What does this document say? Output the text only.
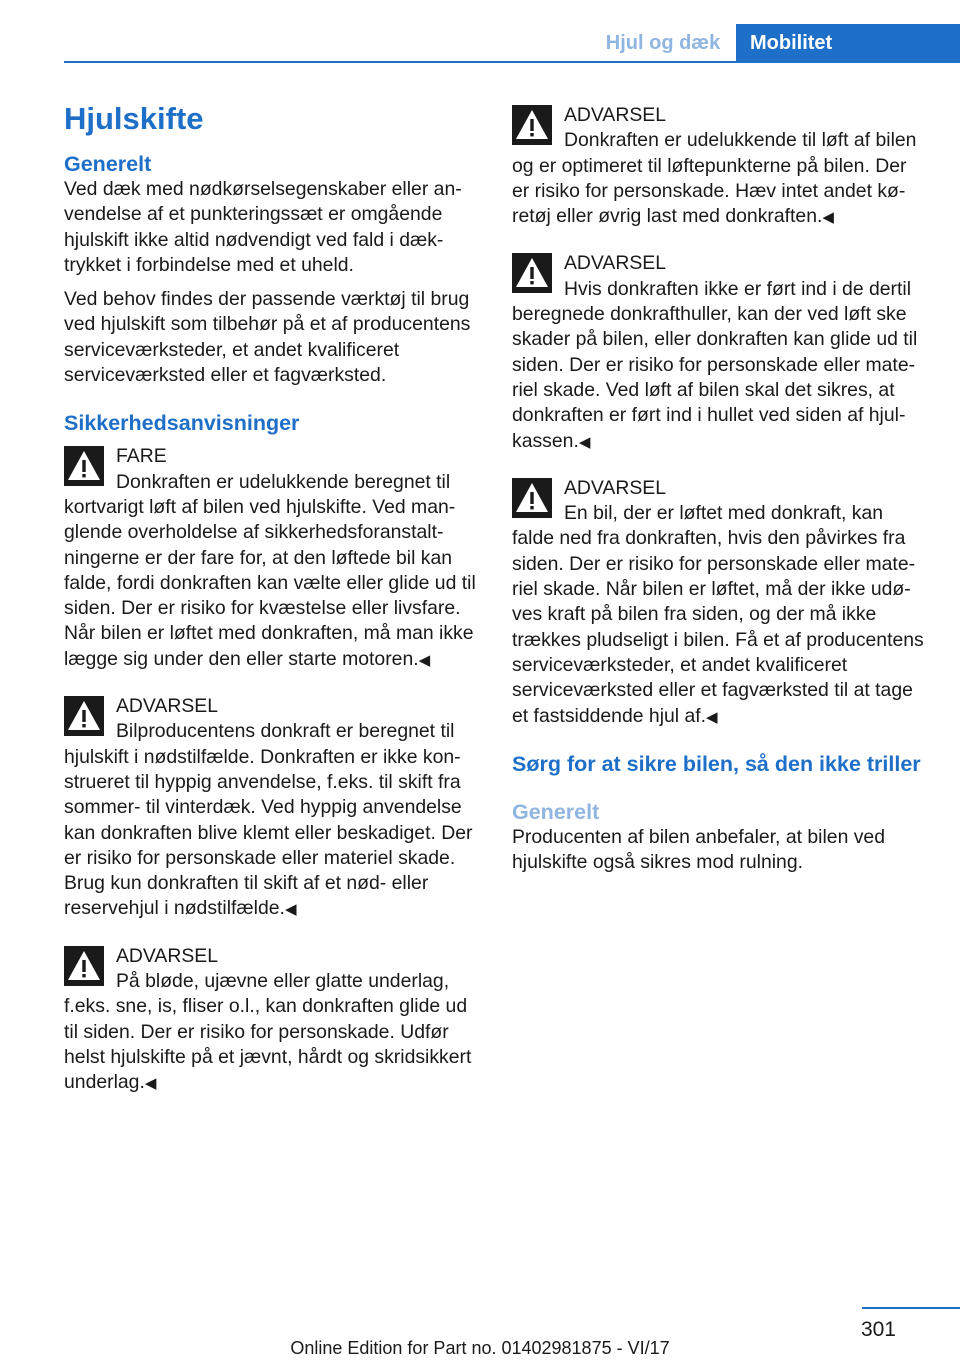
Hjul og dæk	Mobilitet
Hjulskifte
Generelt

Ved dæk med nødkørselsegenskaber eller anvendelse af et punkteringssæt er omgående hjulskift ikke altid nødvendigt ved fald i dæktrykket i forbindelse med et uheld.

Ved behov findes der passende værktøj til brug ved hjulskift som tilbehør på et af producentens serviceværksteder, et andet kvalificeret serviceværksted eller et fagværksted.

Sikkerhedsanvisninger
FARE
Donkraften er udelukkende beregnet til
kortvarigt løft af bilen ved hjulskifte. Ved manglende overholdelse af sikkerhedsforanstaltningerne er der fare for, at den løftede bil kan falde, fordi donkraften kan vælte eller glide ud til siden. Der er risiko for kvæstelse eller livsfare. Når bilen er løftet med donkraften, må man ikke lægge sig under den eller starte motoren.◀
ADVARSEL
Bilproducentens donkraft er beregnet til
hjulskift i nødstilfælde. Donkraften er ikke konstrueret til hyppig anvendelse, f.eks. til skift fra sommer- til vinterdæk. Ved hyppig anvendelse kan donkraften blive klemt eller beskadiget. Der er risiko for personskade eller materiel skade. Brug kun donkraften til skift af et nød- eller reservehjul i nødstilfælde.◀
ADVARSEL
På bløde, ujævne eller glatte underlag,
f.eks. sne, is, fliser o.l., kan donkraften glide ud til siden. Der er risiko for personskade. Udfør helst hjulskifte på et jævnt, hårdt og skridsikkert underlag.◀
ADVARSEL
Donkraften er udelukkende til løft af bilen
og er optimeret til løftepunkterne på bilen. Der er risiko for personskade. Hæv intet andet køretøj eller øvrig last med donkraften.◀
ADVARSEL
Hvis donkraften ikke er ført ind i de dertil
beregnede donkrafthuller, kan der ved løft ske skader på bilen, eller donkraften kan glide ud til siden. Der er risiko for personskade eller materiel skade. Ved løft af bilen skal det sikres, at donkraften er ført ind i hullet ved siden af hjulkassen.◀
ADVARSEL
En bil, der er løftet med donkraft, kan
falde ned fra donkraften, hvis den påvirkes fra siden. Der er risiko for personskade eller materiel skade. Når bilen er løftet, må der ikke udøves kraft på bilen fra siden, og der må ikke trækkes pludseligt i bilen. Få et af producentens serviceværksteder, et andet kvalificeret serviceværksted eller et fagværksted til at tage et fastsiddende hjul af.◀
Sørg for at sikre bilen, så den ikke triller
Generelt

Producenten af bilen anbefaler, at bilen ved hjulskifte også sikres mod rulning.

301
Online Edition for Part no. 01402981875 - VI/17
